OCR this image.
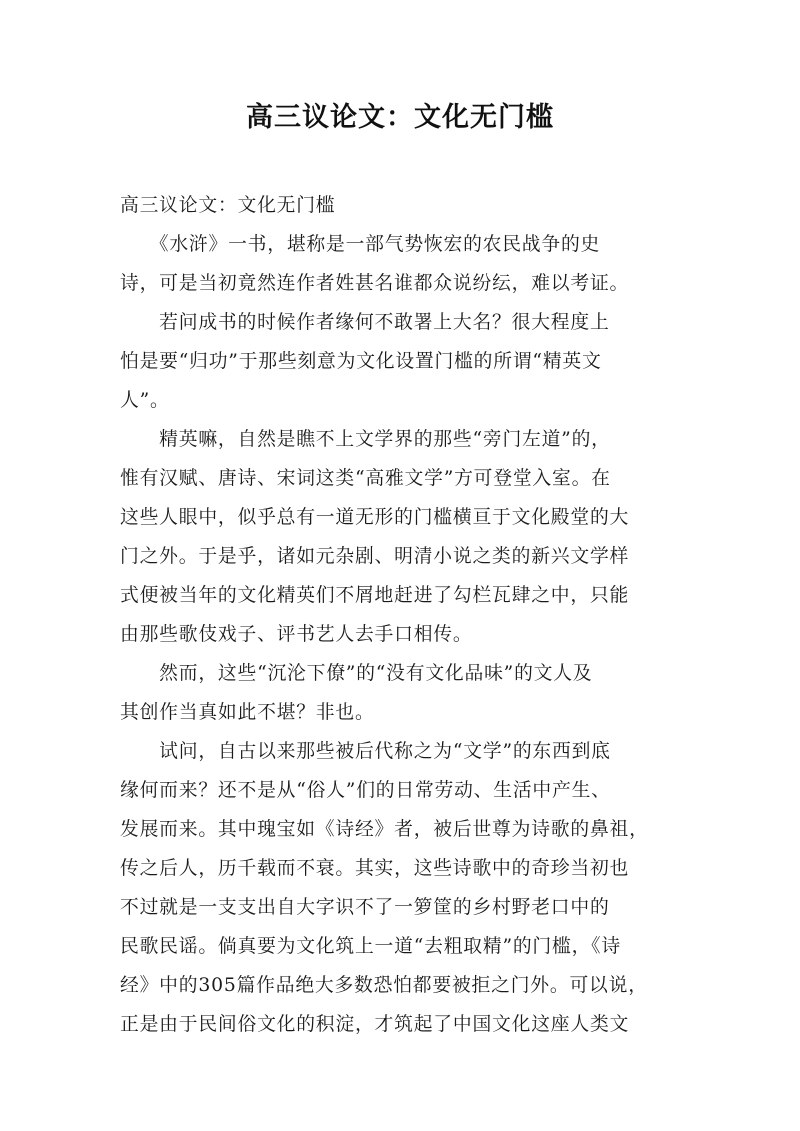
高三议论文：文化无门槛
高三议论文：文化无门槛
　　《水浒》一书，堪称是一部气势恢宏的农民战争的史
诗，可是当初竟然连作者姓甚名谁都众说纷纭，难以考证。
　　若问成书的时候作者缘何不敢署上大名？很大程度上
怕是要“归功”于那些刻意为文化设置门槛的所谓“精英文
人”。
　　精英嘛，自然是瞧不上文学界的那些“旁门左道”的，
惟有汉赋、唐诗、宋词这类“高雅文学”方可登堂入室。在
这些人眼中，似乎总有一道无形的门槛横亘于文化殿堂的大
门之外。于是乎，诸如元杂剧、明清小说之类的新兴文学样
式便被当年的文化精英们不屑地赶进了勾栏瓦肆之中，只能
由那些歌伎戏子、评书艺人去手口相传。
　　然而，这些“沉沦下僚”的“没有文化品味”的文人及
其创作当真如此不堪？非也。
　　试问，自古以来那些被后代称之为“文学”的东西到底
缘何而来？还不是从“俗人”们的日常劳动、生活中产生、
发展而来。其中瑰宝如《诗经》者，被后世尊为诗歌的鼻祖，
传之后人，历千载而不衰。其实，这些诗歌中的奇珍当初也
不过就是一支支出自大字识不了一箩筐的乡村野老口中的
民歌民谣。倘真要为文化筑上一道“去粗取精”的门槛，《诗
经》中的305篇作品绝大多数恐怕都要被拒之门外。可以说，
正是由于民间俗文化的积淀，才筑起了中国文化这座人类文
